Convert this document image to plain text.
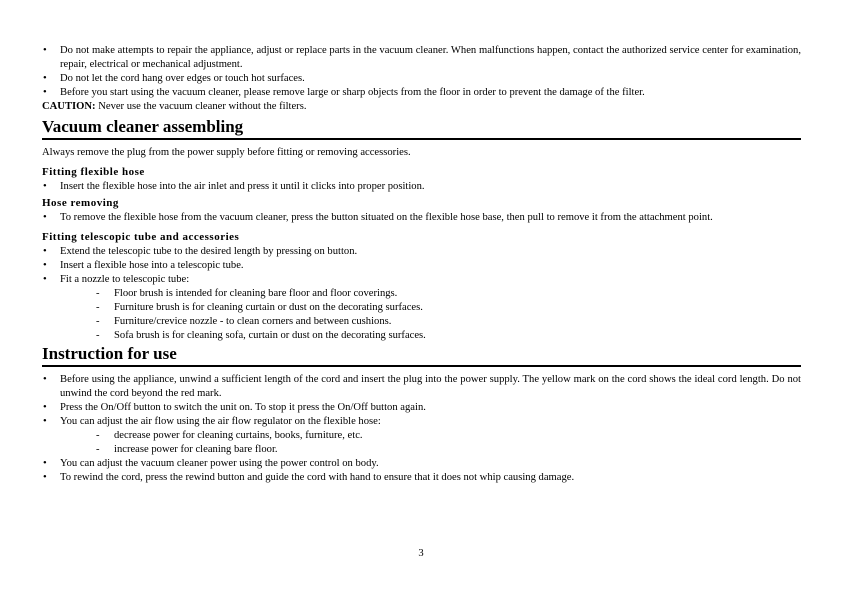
• Do not make attempts to repair the appliance, adjust or replace parts in the vacuum cleaner. When malfunctions happen, contact the authorized service center for examination, repair, electrical or mechanical adjustment.
• Do not let the cord hang over edges or touch hot surfaces.
• Before you start using the vacuum cleaner, please remove large or sharp objects from the floor in order to prevent the damage of the filter.

CAUTION: Never use the vacuum cleaner without the filters.

Vacuum cleaner assembling

Always remove the plug from the power supply before fitting or removing accessories.

Fitting flexible hose
• Insert the flexible hose into the air inlet and press it until it clicks into proper position.
Hose removing
• To remove the flexible hose from the vacuum cleaner, press the button situated on the flexible hose base, then pull to remove it from the attachment point.
Fitting telescopic tube and accessories
• Extend the telescopic tube to the desired length by pressing on button.
• Insert a flexible hose into a telescopic tube.
• Fit a nozzle to telescopic tube:
- Floor brush is intended for cleaning bare floor and floor coverings.
- Furniture brush is for cleaning curtain or dust on the decorating surfaces.
- Furniture/crevice nozzle - to clean corners and between cushions.
- Sofa brush is for cleaning sofa, curtain or dust on the decorating surfaces.
Instruction for use
• Before using the appliance, unwind a sufficient length of the cord and insert the plug into the power supply. The yellow mark on the cord shows the ideal cord length. Do not unwind the cord beyond the red mark.
• Press the On/Off button to switch the unit on. To stop it press the On/Off button again.
• You can adjust the air flow using the air flow regulator on the flexible hose:
- decrease power for cleaning curtains, books, furniture, etc.
- increase power for cleaning bare floor.
• You can adjust the vacuum cleaner power using the power control on body.
• To rewind the cord, press the rewind button and guide the cord with hand to ensure that it does not whip causing damage.
3
